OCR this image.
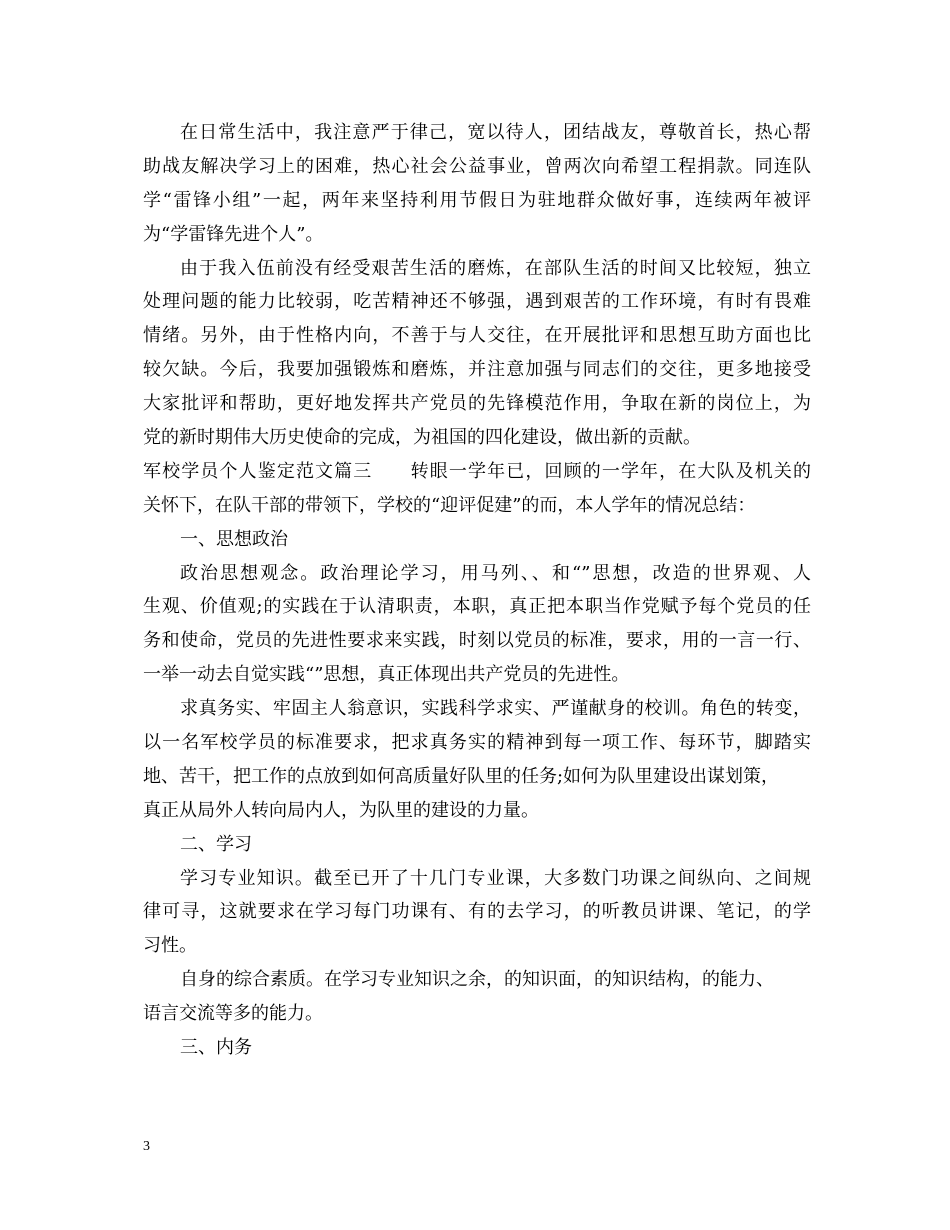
在日常生活中，我注意严于律己，宽以待人，团结战友，尊敬首长，热心帮
助战友解决学习上的困难，热心社会公益事业，曾两次向希望工程捐款。同连队
学“雷锋小组”一起，两年来坚持利用节假日为驻地群众做好事，连续两年被评
为“学雷锋先进个人”。
由于我入伍前没有经受艰苦生活的磨炼，在部队生活的时间又比较短，独立
处理问题的能力比较弱，吃苦精神还不够强，遇到艰苦的工作环境，有时有畏难
情绪。另外，由于性格内向，不善于与人交往，在开展批评和思想互助方面也比
较欠缺。今后，我要加强锻炼和磨炼，并注意加强与同志们的交往，更多地接受
大家批评和帮助，更好地发挥共产党员的先锋模范作用，争取在新的岗位上，为
党的新时期伟大历史使命的完成，为祖国的四化建设，做出新的贡献。
军校学员个人鉴定范文篇三　　转眼一学年已，回顾的一学年，在大队及机关的
关怀下，在队干部的带领下，学校的“迎评促建”的而，本人学年的情况总结：
一、思想政治
政治思想观念。政治理论学习，用马列、、和“”思想，改造的世界观、人
生观、价值观;的实践在于认清职责，本职，真正把本职当作党赋予每个党员的任
务和使命，党员的先进性要求来实践，时刻以党员的标准，要求，用的一言一行、
一举一动去自觉实践“”思想，真正体现出共产党员的先进性。
求真务实、牢固主人翁意识，实践科学求实、严谨献身的校训。角色的转变，
以一名军校学员的标准要求，把求真务实的精神到每一项工作、每环节，脚踏实
地、苦干，把工作的点放到如何高质量好队里的任务;如何为队里建设出谋划策，
真正从局外人转向局内人，为队里的建设的力量。
二、学习
学习专业知识。截至已开了十几门专业课，大多数门功课之间纵向、之间规
律可寻，这就要求在学习每门功课有、有的去学习，的听教员讲课、笔记，的学
习性。
自身的综合素质。在学习专业知识之余，的知识面，的知识结构，的能力、
语言交流等多的能力。
三、内务
3
